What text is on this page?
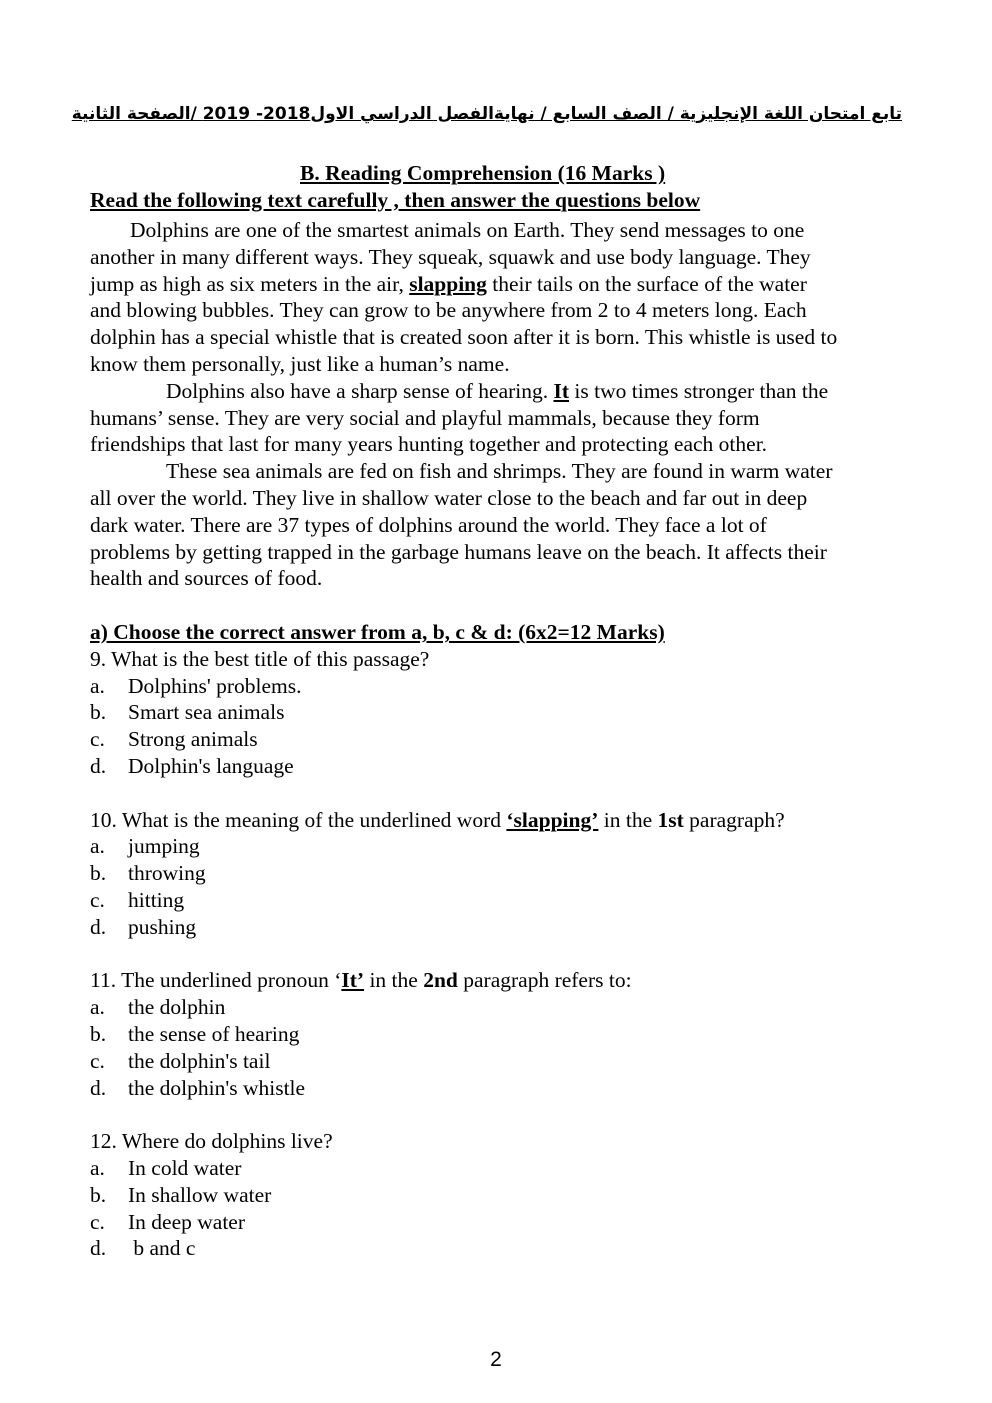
تابع امتحان اللغة الإنجليزية / الصف السابع / نهايةالفصل الدراسي الاول2018- 2019 /الصفحة الثانية
B. Reading Comprehension (16 Marks )
Read the following text carefully , then answer the questions below
Dolphins are one of the smartest animals on Earth. They send messages to one
another in many different ways. They squeak, squawk and use body language. They
jump as high as six meters in the air, slapping their tails on the surface of the water
and blowing bubbles. They can grow to be anywhere from 2 to 4 meters long. Each
dolphin has a special whistle that is created soon after it is born. This whistle is used to
know them personally, just like a human’s name.
Dolphins also have a sharp sense of hearing. It is two times stronger than the
humans’ sense. They are very social and playful mammals, because they form
friendships that last for many years hunting together and protecting each other.
These sea animals are fed on fish and shrimps. They are found in warm water
all over the world. They live in shallow water close to the beach and far out in deep
dark water. There are 37 types of dolphins around the world. They face a lot of
problems by getting trapped in the garbage humans leave on the beach. It affects their
health and sources of food.
a) Choose the correct answer from a, b, c & d: (6x2=12 Marks)
9. What is the best title of this passage?
a. Dolphins' problems.
b. Smart sea animals
c. Strong animals
d. Dolphin's language
10. What is the meaning of the underlined word ‘slapping’ in the 1st paragraph?
a. jumping
b. throwing
c. hitting
d. pushing
11. The underlined pronoun ‘It’ in the 2nd paragraph refers to:
a. the dolphin
b. the sense of hearing
c. the dolphin's tail
d. the dolphin's whistle
12. Where do dolphins live?
a. In cold water
b. In shallow water
c. In deep water
d. b and c
2
